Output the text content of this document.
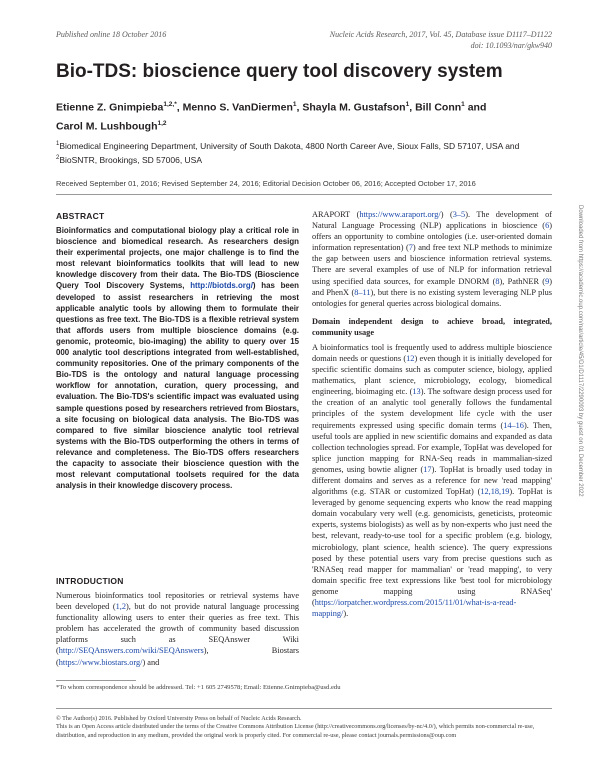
Published online 18 October 2016	Nucleic Acids Research, 2017, Vol. 45, Database issue D1117–D1122
doi: 10.1093/nar/gkw940
Bio-TDS: bioscience query tool discovery system
Etienne Z. Gnimpieba$^{1,2,*}$, Menno S. VanDiermen$^1$, Shayla M. Gustafson$^1$, Bill Conn$^1$ and
Carol M. Lushbough$^{1,2}$
$^1$Biomedical Engineering Department, University of South Dakota, 4800 North Career Ave, Sioux Falls, SD 57107, USA and $^2$BioSNTR, Brookings, SD 57006, USA
Received September 01, 2016; Revised September 24, 2016; Editorial Decision October 06, 2016; Accepted October 17, 2016
ABSTRACT
Bioinformatics and computational biology play a critical role in bioscience and biomedical research. As researchers design their experimental projects, one major challenge is to find the most relevant bioinformatics toolkits that will lead to new knowledge discovery from their data. The Bio-TDS (Bioscience Query Tool Discovery Systems, http://biotds.org/) has been developed to assist researchers in retrieving the most applicable analytic tools by allowing them to formulate their questions as free text. The Bio-TDS is a flexible retrieval system that affords users from multiple bioscience domains (e.g. genomic, proteomic, bio-imaging) the ability to query over 15 000 analytic tool descriptions integrated from well-established, community repositories. One of the primary components of the Bio-TDS is the ontology and natural language processing workflow for annotation, curation, query processing, and evaluation. The Bio-TDS's scientific impact was evaluated using sample questions posed by researchers retrieved from Biostars, a site focusing on biological data analysis. The Bio-TDS was compared to five similar bioscience analytic tool retrieval systems with the Bio-TDS outperforming the others in terms of relevance and completeness. The Bio-TDS offers researchers the capacity to associate their bioscience question with the most relevant computational toolsets required for the data analysis in their knowledge discovery process.
INTRODUCTION
Numerous bioinformatics tool repositories or retrieval systems have been developed (1,2), but do not provide natural language processing functionality allowing users to enter their queries as free text. This problem has accelerated the growth of community based discussion platforms such as SEQAnswer Wiki (http://SEQAnswers.com/wiki/SEQAnswers), Biostars (https://www.biostars.org/) and

ARAPORT (https://www.araport.org/) (3–5). The development of Natural Language Processing (NLP) applications in bioscience (6) offers an opportunity to combine ontologies (i.e. user-oriented domain information representation) (7) and free text NLP methods to minimize the gap between users and bioscience information retrieval systems. There are several examples of use of NLP for information retrieval using specified data sources, for example DNORM (8), PathNER (9) and PhenX (8–11), but there is no existing system leveraging NLP plus ontologies for general queries across biological domains.

Domain independent design to achieve broad, integrated, community usage

A bioinformatics tool is frequently used to address multiple bioscience domain needs or questions (12) even though it is initially developed for specific scientific domains such as computer science, biology, applied mathematics, plant science, microbiology, ecology, biomedical engineering, bioimaging etc. (13). The software design process used for the creation of an analytic tool generally follows the fundamental principles of the system development life cycle with the user requirements expressed using specific domain terms (14–16). Then, useful tools are applied in new scientific domains and expanded as data collection technologies spread. For example, TopHat was developed for splice junction mapping for RNA-Seq reads in mammalian-sized genomes, using bowtie aligner (17). TopHat is broadly used today in different domains and serves as a reference for new 'read mapping' algorithms (e.g. STAR or customized TopHat) (12,18,19). TopHat is leveraged by genome sequencing experts who know the read mapping domain vocabulary very well (e.g. genomicists, geneticists, proteomic experts, systems biologists) as well as by non-experts who just need the best, relevant, ready-to-use tool for a specific problem (e.g. biology, microbiology, plant science, health science). The query expressions posed by these potential users vary from precise questions such as 'RNASeq read mapper for mammalian' or 'read mapping', to very domain specific free text expressions like 'best tool for microbiology genome mapping using RNASeq' (https://iorpatcher.wordpress.com/2015/11/01/what-is-a-read-mapping/).

*To whom correspondence should be addressed. Tel: +1 605 2749578; Email: Etienne.Gnimpieba@usd.edu
© The Author(s) 2016. Published by Oxford University Press on behalf of Nucleic Acids Research.
This is an Open Access article distributed under the terms of the Creative Commons Attribution License (http://creativecommons.org/licenses/by-nc/4.0/), which permits non-commercial re-use, distribution, and reproduction in any medium, provided the original work is properly cited. For commercial re-use, please contact journals.permissions@oup.com
Downloaded from https://academic.oup.com/nar/article/45/D1/D1117/2290093 by guest on 01 December 2022
